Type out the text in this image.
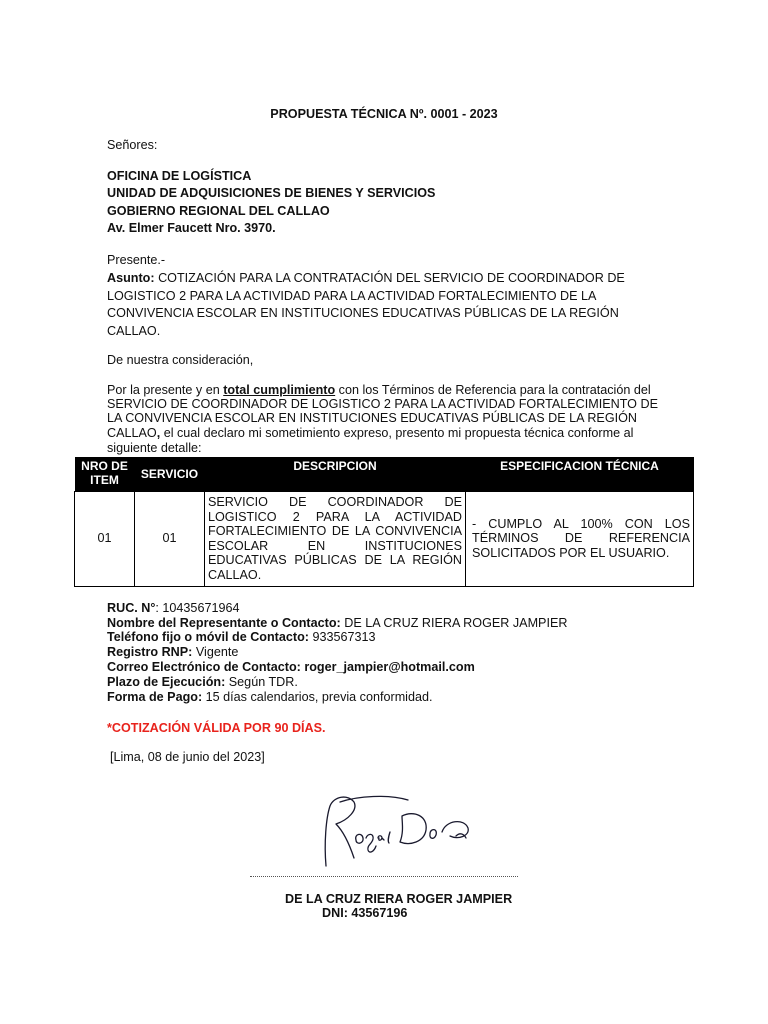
PROPUESTA TÉCNICA Nº. 0001 - 2023
Señores:
OFICINA DE LOGÍSTICA
UNIDAD DE ADQUISICIONES DE BIENES Y SERVICIOS
GOBIERNO REGIONAL DEL CALLAO
Av. Elmer Faucett Nro. 3970.
Presente.-
Asunto: COTIZACIÓN PARA LA CONTRATACIÓN DEL SERVICIO DE COORDINADOR DE
LOGISTICO 2 PARA LA ACTIVIDAD PARA LA ACTIVIDAD FORTALECIMIENTO DE LA
CONVIVENCIA ESCOLAR EN INSTITUCIONES EDUCATIVAS PÚBLICAS DE LA REGIÓN
CALLAO.
De nuestra consideración,
Por la presente y en total cumplimiento con los Términos de Referencia para la contratación del
SERVICIO DE COORDINADOR DE LOGISTICO 2 PARA LA ACTIVIDAD FORTALECIMIENTO DE
LA CONVIVENCIA ESCOLAR EN INSTITUCIONES EDUCATIVAS PÚBLICAS DE LA REGIÓN
CALLAO, el cual declaro mi sometimiento expreso, presento mi propuesta técnica conforme al
siguiente detalle:
NRO DE ITEM	SERVICIO	DESCRIPCION	ESPECIFICACION TÉCNICA
01	01	SERVICIO DE COORDINADOR DE LOGISTICO 2 PARA LA ACTIVIDAD FORTALECIMIENTO DE LA CONVIVENCIA ESCOLAR EN INSTITUCIONES EDUCATIVAS PÚBLICAS DE LA REGIÓN CALLAO.	- CUMPLO AL 100% CON LOS TÉRMINOS DE REFERENCIA SOLICITADOS POR EL USUARIO.
RUC. N°: 10435671964
Nombre del Representante o Contacto: DE LA CRUZ RIERA ROGER JAMPIER
Teléfono fijo o móvil de Contacto: 933567313
Registro RNP: Vigente
Correo Electrónico de Contacto: roger_jampier@hotmail.com
Plazo de Ejecución: Según TDR.
Forma de Pago: 15 días calendarios, previa conformidad.
*COTIZACIÓN VÁLIDA POR 90 DÍAS.
[Lima, 08 de junio del 2023]
DE LA CRUZ RIERA ROGER JAMPIER
DNI: 43567196
